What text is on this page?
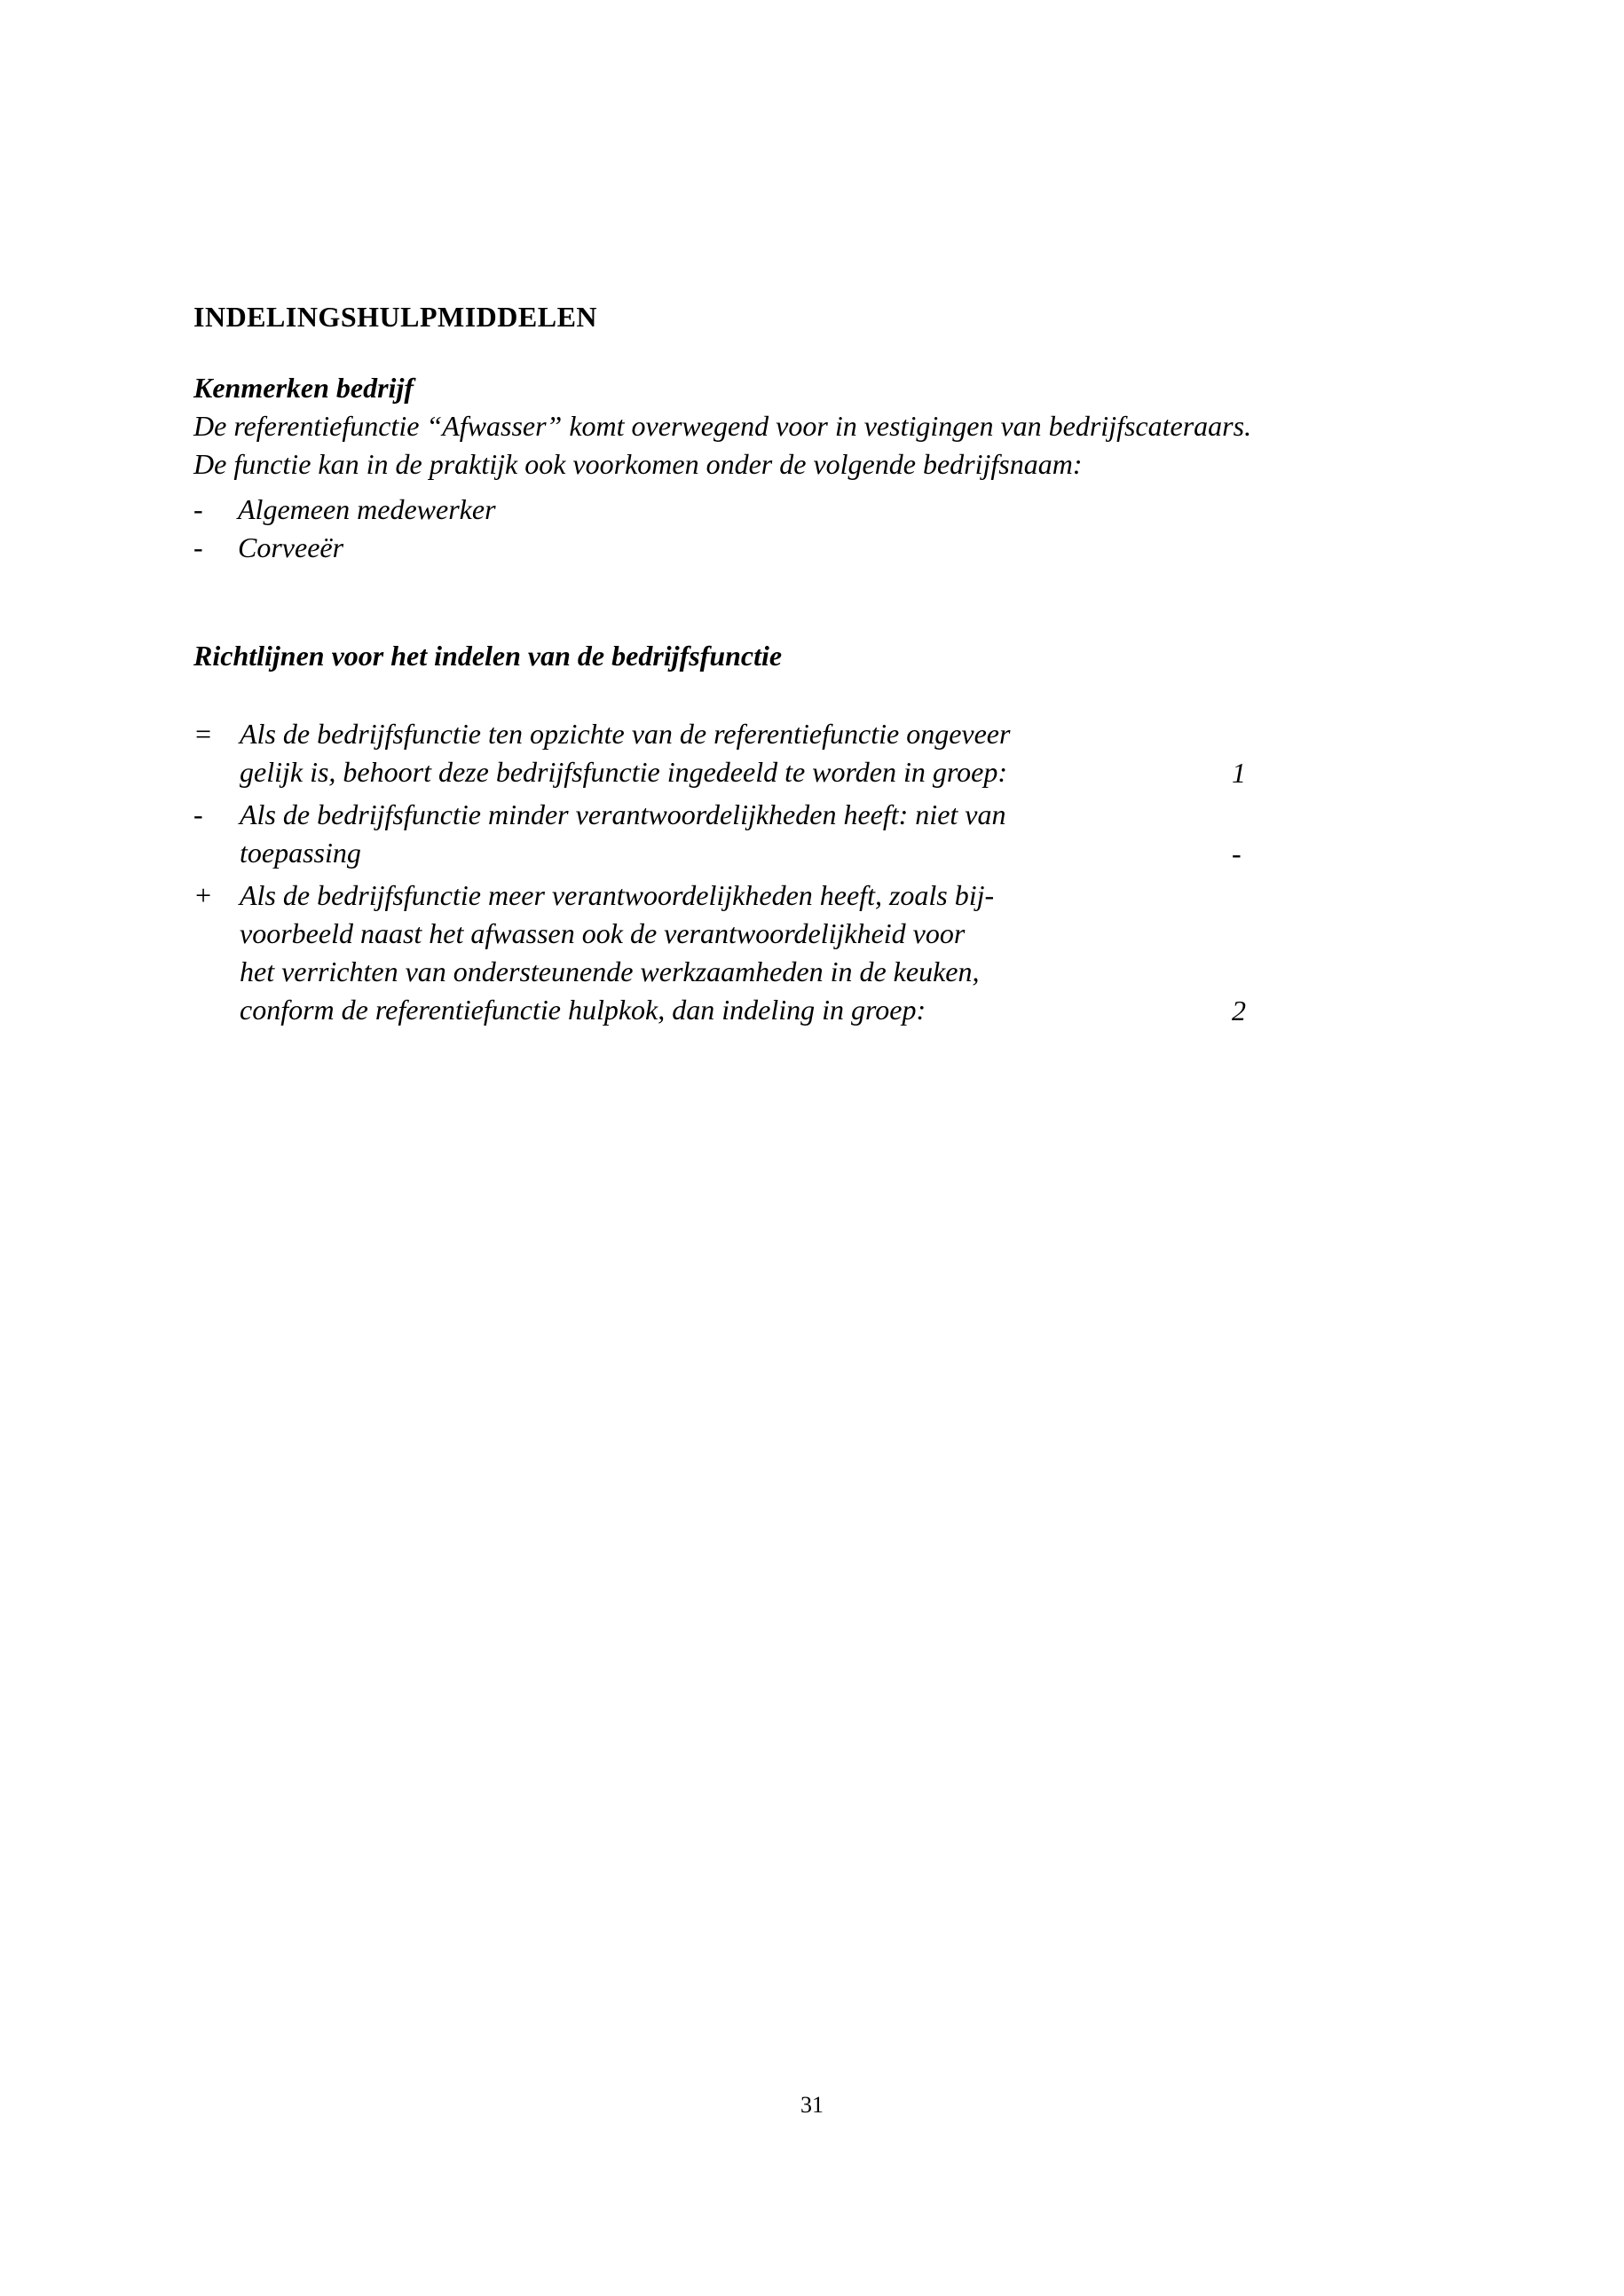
INDELINGSHULPMIDDELEN
Kenmerken bedrijf

De referentiefunctie “Afwasser” komt overwegend voor in vestigingen van bedrijfscateraars.

De functie kan in de praktijk ook voorkomen onder de volgende bedrijfsnaam:

-	Algemeen medewerker
-	Corveeër
Richtlijnen voor het indelen van de bedrijfsfunctie
= Als de bedrijfsfunctie ten opzichte van de referentiefunctie ongeveer
gelijk is, behoort deze bedrijfsfunctie ingedeeld te worden in groep:	1
-	Als de bedrijfsfunctie minder verantwoordelijkheden heeft: niet van
toepassing	-
+ Als de bedrijfsfunctie meer verantwoordelijkheden heeft, zoals bij-
voorbeeld naast het afwassen ook de verantwoordelijkheid voor
het verrichten van ondersteunende werkzaamheden in de keuken,
conform de referentiefunctie hulpkok, dan indeling in groep:	2
31
